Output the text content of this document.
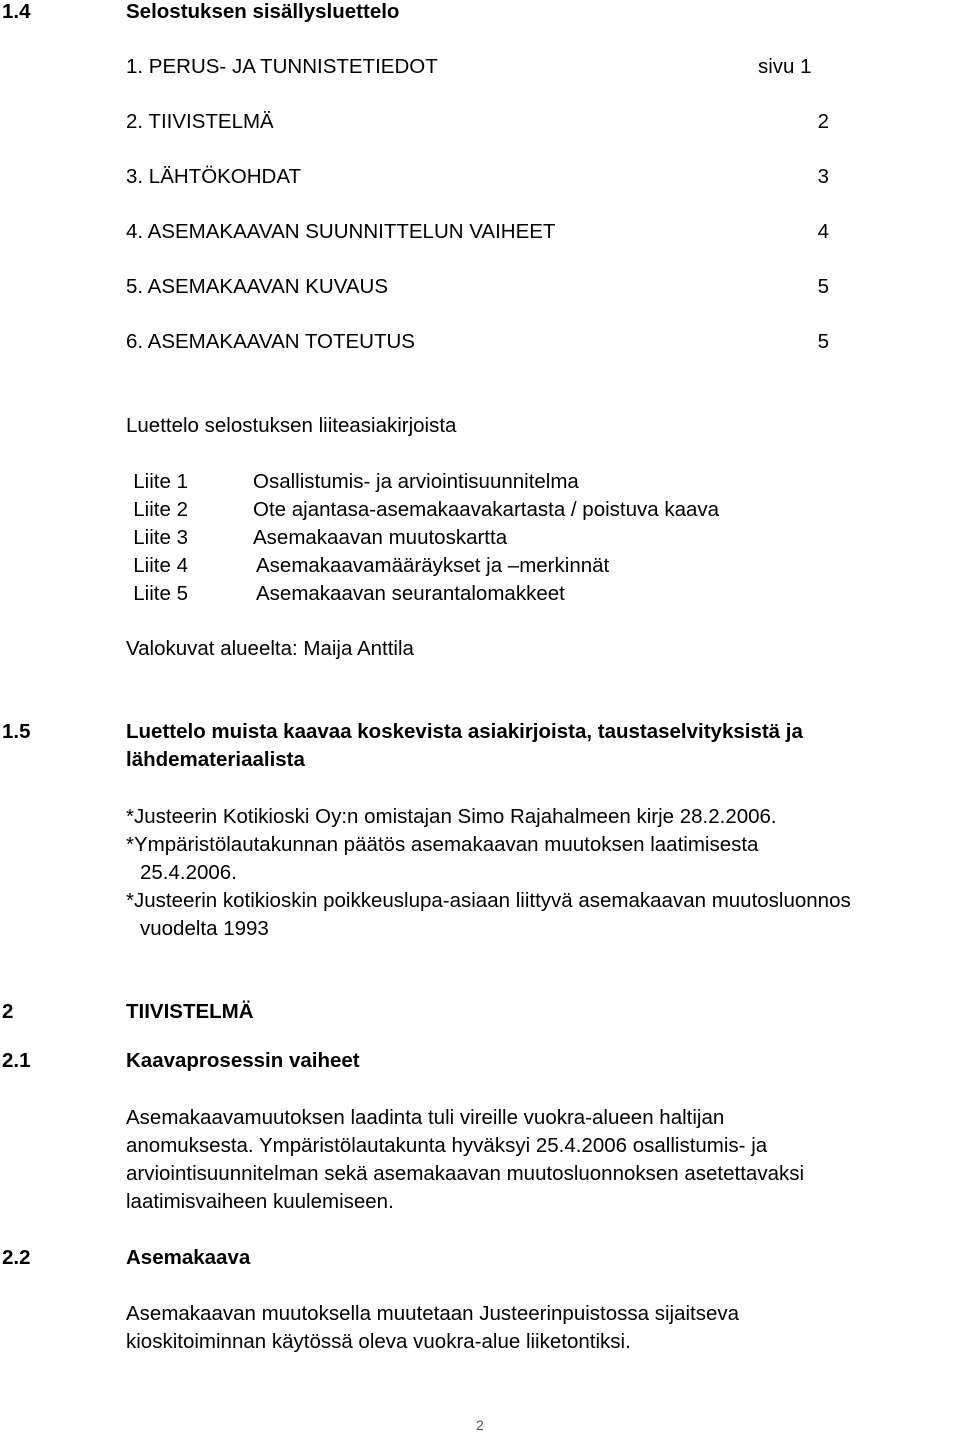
1.4	Selostuksen sisällysluettelo
1. PERUS- JA TUNNISTETIEDOT	sivu 1
2. TIIVISTELMÄ	2
3. LÄHTÖKOHDAT	3
4. ASEMAKAAVAN SUUNNITTELUN VAIHEET	4
5. ASEMAKAAVAN KUVAUS	5
6. ASEMAKAAVAN TOTEUTUS	5
Luettelo selostuksen liiteasiakirjoista
Liite 1	Osallistumis- ja arviointisuunnitelma
Liite 2	Ote ajantasa-asemakaavakartasta / poistuva kaava
Liite 3	Asemakaavan muutoskartta
Liite 4	Asemakaavamääräykset ja –merkinnät
Liite 5	Asemakaavan seurantalomakkeet
Valokuvat alueelta: Maija Anttila
1.5	Luettelo muista kaavaa koskevista asiakirjoista, taustaselvityksistä ja
lähdemateriaalista
*Justeerin Kotikioski Oy:n omistajan Simo Rajahalmeen kirje 28.2.2006.
*Ympäristölautakunnan päätös asemakaavan muutoksen laatimisesta
25.4.2006.
*Justeerin kotikioskin poikkeuslupa-asiaan liittyvä asemakaavan muutosluonnos
vuodelta 1993
2	TIIVISTELMÄ
2.1	Kaavaprosessin vaiheet
Asemakaavamuutoksen laadinta tuli vireille vuokra-alueen haltijan
anomuksesta. Ympäristölautakunta hyväksyi 25.4.2006 osallistumis- ja
arviointisuunnitelman sekä asemakaavan muutosluonnoksen asetettavaksi
laatimisvaiheen kuulemiseen.
2.2	Asemakaava
Asemakaavan muutoksella muutetaan Justeerinpuistossa sijaitseva
kioskitoiminnan käytössä oleva vuokra-alue liiketontiksi.
2
